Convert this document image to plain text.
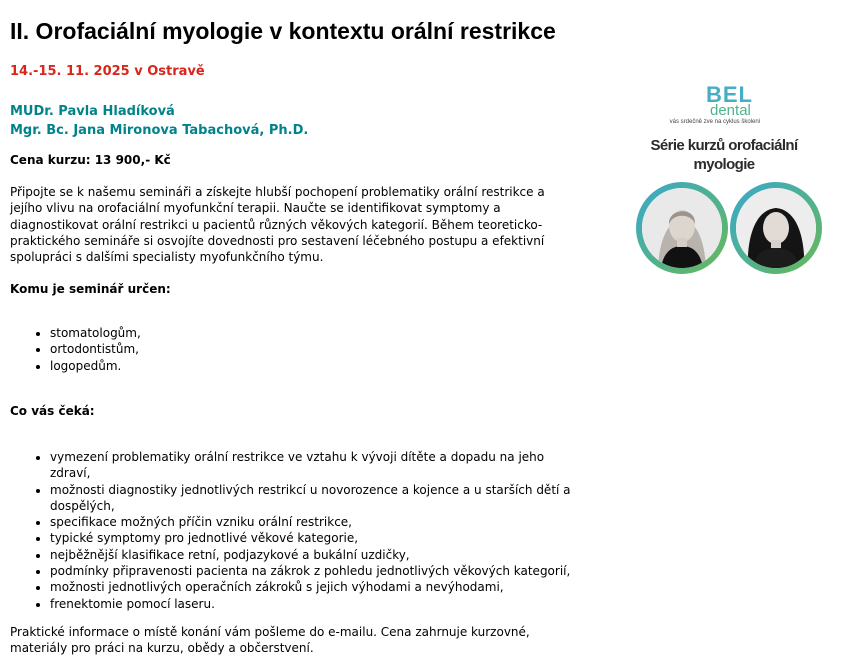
II. Orofaciální myologie v kontextu orální restrikce
14.-15. 11. 2025 v Ostravě
MUDr. Pavla Hladíková
Mgr. Bc. Jana Mironova Tabachová, Ph.D.
Cena kurzu: 13 900,- Kč

Připojte se k našemu semináři a získejte hlubší pochopení problematiky orální restrikce a jejího vlivu na orofaciální myofunkční terapii. Naučte se identifikovat symptomy a diagnostikovat orální restrikci u pacientů různých věkových kategorií. Během teoreticko-praktického semináře si osvojíte dovednosti pro sestavení léčebného postupu a efektivní spolupráci s dalšími specialisty myofunkčního týmu.

Komu je seminář určen:
• stomatologům,
• ortodontistům,
• logopedům.
Co vás čeká:
• vymezení problematiky orální restrikce ve vztahu k vývoji dítěte a dopadu na jeho zdraví,
• možnosti diagnostiky jednotlivých restrikcí u novorozence a kojence a u starších dětí a dospělých,
• specifikace možných příčin vzniku orální restrikce,
• typické symptomy pro jednotlivé věkové kategorie,
• nejběžnější klasifikace retní, podjazykové a bukální uzdičky,
• podmínky připravenosti pacienta na zákrok z pohledu jednotlivých věkových kategorií,
• možnosti jednotlivých operačních zákroků s jejich výhodami a nevýhodami,
• frenektomie pomocí laseru.

Praktické informace o místě konání vám pošleme do e-mailu. Cena zahrnuje kurzovné, materiály pro práci na kurzu, obědy a občerstvení.

BEL
dental
vás srdečně zve na cyklus školení
Série kurzů orofaciální myologie
